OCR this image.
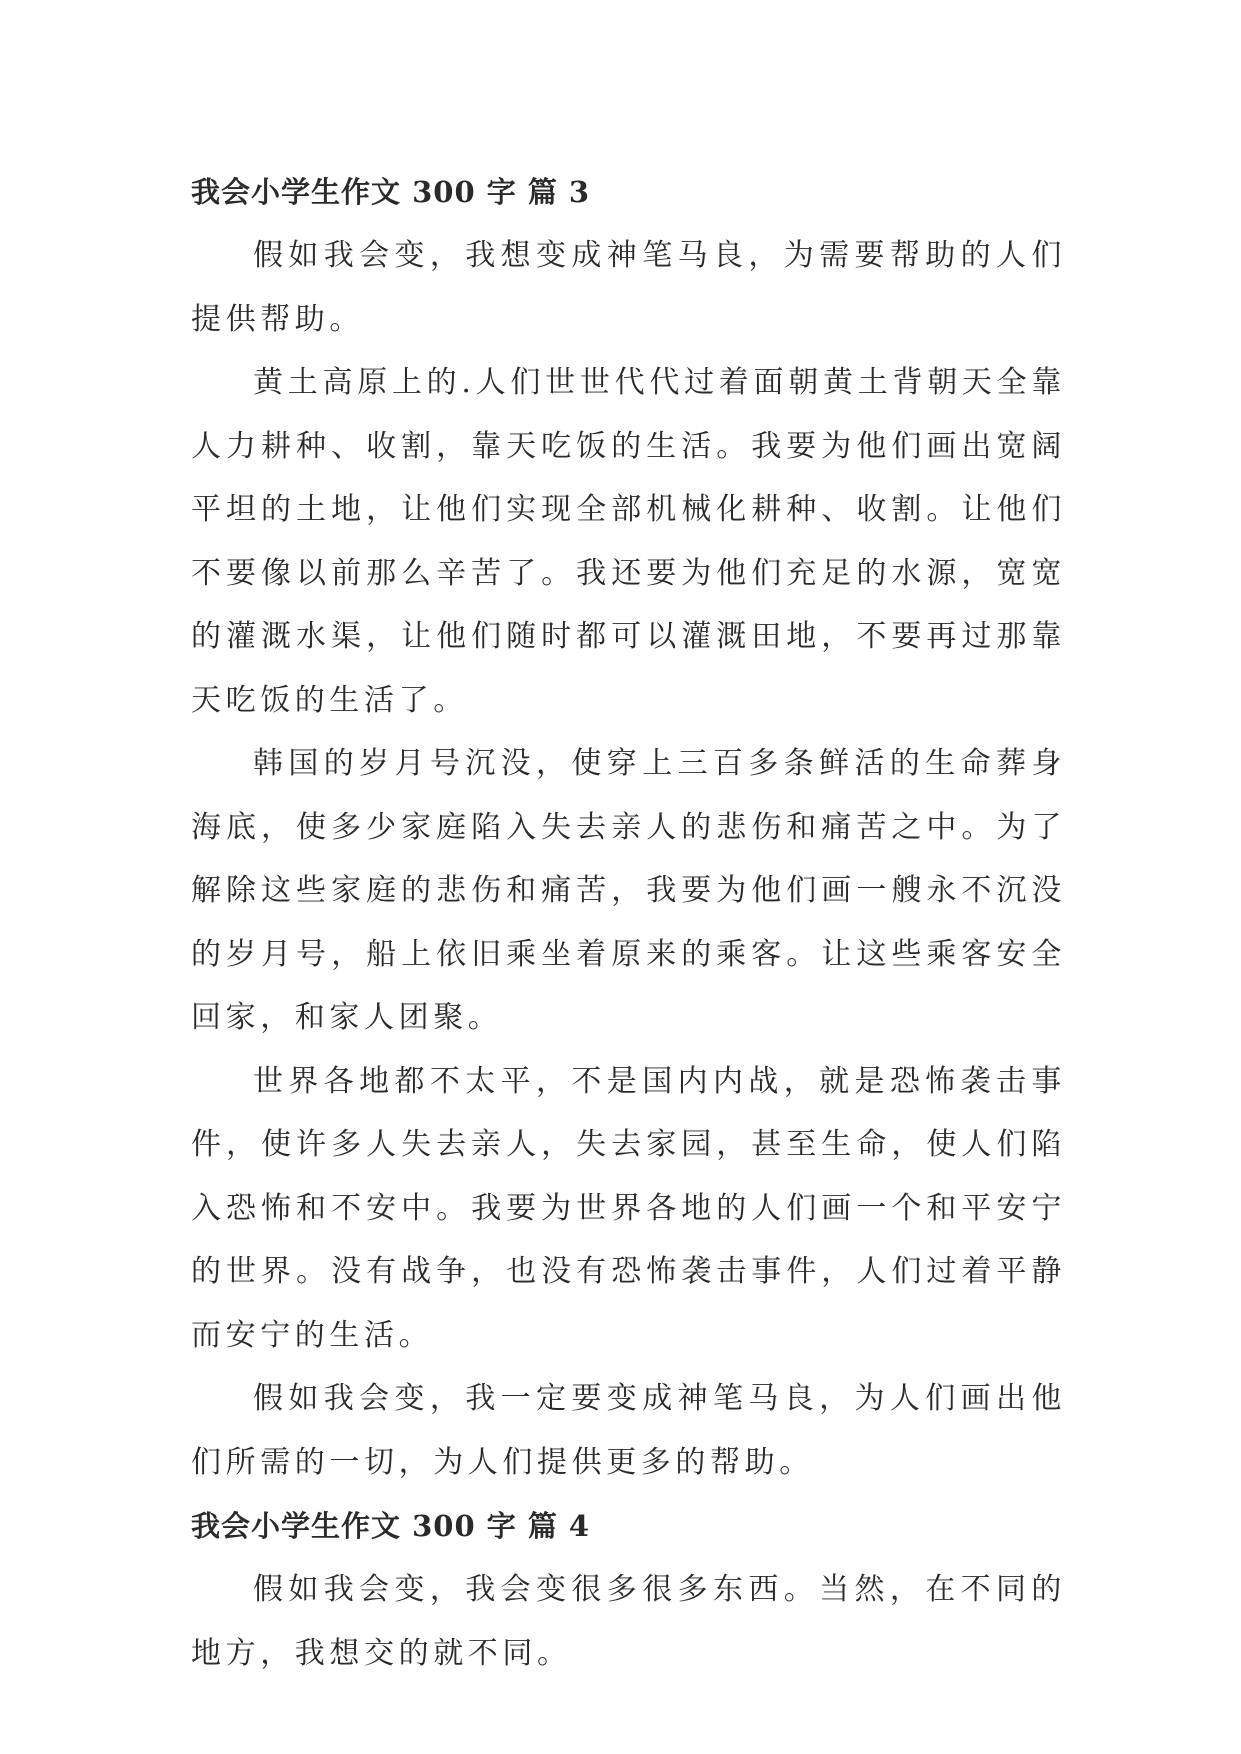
我会小学生作文 300 字 篇 3

假如我会变，我想变成神笔马良，为需要帮助的人们提供帮助。

黄土高原上的.人们世世代代过着面朝黄土背朝天全靠人力耕种、收割，靠天吃饭的生活。我要为他们画出宽阔平坦的土地，让他们实现全部机械化耕种、收割。让他们不要像以前那么辛苦了。我还要为他们充足的水源，宽宽的灌溉水渠，让他们随时都可以灌溉田地，不要再过那靠天吃饭的生活了。

韩国的岁月号沉没，使穿上三百多条鲜活的生命葬身海底，使多少家庭陷入失去亲人的悲伤和痛苦之中。为了解除这些家庭的悲伤和痛苦，我要为他们画一艘永不沉没的岁月号，船上依旧乘坐着原来的乘客。让这些乘客安全回家，和家人团聚。

世界各地都不太平，不是国内内战，就是恐怖袭击事件，使许多人失去亲人，失去家园，甚至生命，使人们陷入恐怖和不安中。我要为世界各地的人们画一个和平安宁的世界。没有战争，也没有恐怖袭击事件，人们过着平静而安宁的生活。

假如我会变，我一定要变成神笔马良，为人们画出他们所需的一切，为人们提供更多的帮助。

我会小学生作文 300 字 篇 4

假如我会变，我会变很多很多东西。当然，在不同的地方，我想交的就不同。
